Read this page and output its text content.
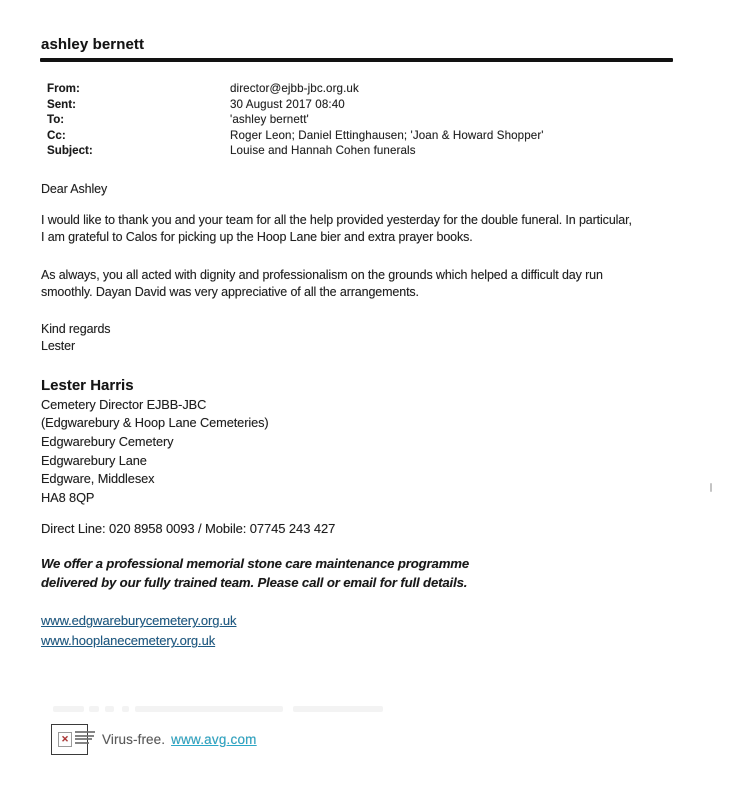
ashley bernett
From:	director@ejbb-jbc.org.uk
Sent:	30 August 2017 08:40
To:	'ashley bernett'
Cc:	Roger Leon; Daniel Ettinghausen; 'Joan & Howard Shopper'
Subject:	Louise and Hannah Cohen funerals
Dear Ashley
I would like to thank you and your team for all the help provided yesterday for the double funeral. In particular,
I am grateful to Calos for picking up the Hoop Lane bier and extra prayer books.
As always, you all acted with dignity and professionalism on the grounds which helped a difficult day run
smoothly. Dayan David was very appreciative of all the arrangements.
Kind regards
Lester
Lester Harris
Cemetery Director EJBB-JBC
(Edgwarebury & Hoop Lane Cemeteries)
Edgwarebury Cemetery
Edgwarebury Lane
Edgware, Middlesex
HA8 8QP
Direct Line: 020 8958 0093 / Mobile: 07745 243 427
We offer a professional memorial stone care maintenance programme
delivered by our fully trained team. Please call or email for full details.
www.edgwareburycemetery.org.uk
www.hooplanecemetery.org.uk
✕ Virus-free. www.avg.com
